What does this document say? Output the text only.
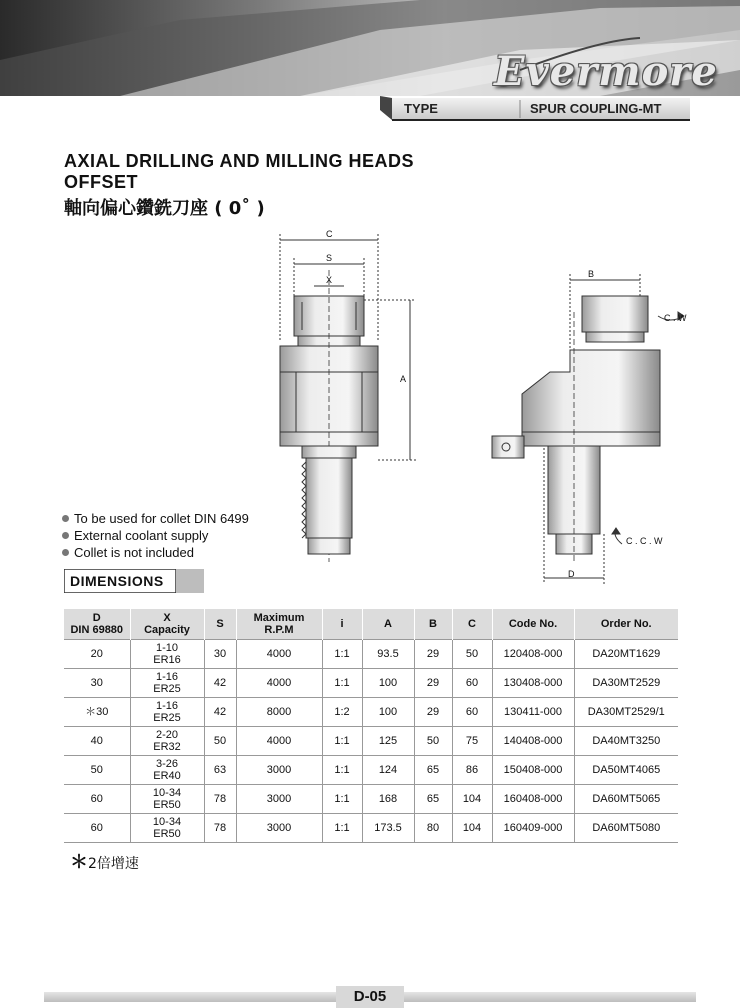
Evermore
TYPE	SPUR COUPLING-MT
AXIAL DRILLING AND MILLING HEADS
OFFSET
軸向偏心鑽銑刀座 ( 0˚ )
C
S
X
A
B
C . W
C . C . W
D
To be used for collet DIN 6499
External coolant supply
Collet is not included
DIMENSIONS
D
DIN 69880	X
Capacity	S	Maximum
R.P.M	i	A	B	C	Code No.	Order No.
20	1-10
ER16	30	4000	1:1	93.5	29	50	120408-000	DA20MT1629
30	1-16
ER25	42	4000	1:1	100	29	60	130408-000	DA30MT2529
＊30	1-16
ER25	42	8000	1:2	100	29	60	130411-000	DA30MT2529/1
40	2-20
ER32	50	4000	1:1	125	50	75	140408-000	DA40MT3250
50	3-26
ER40	63	3000	1:1	124	65	86	150408-000	DA50MT4065
60	10-34
ER50	78	3000	1:1	168	65	104	160408-000	DA60MT5065
60	10-34
ER50	78	3000	1:1	173.5	80	104	160409-000	DA60MT5080
＊2倍增速
D-05
